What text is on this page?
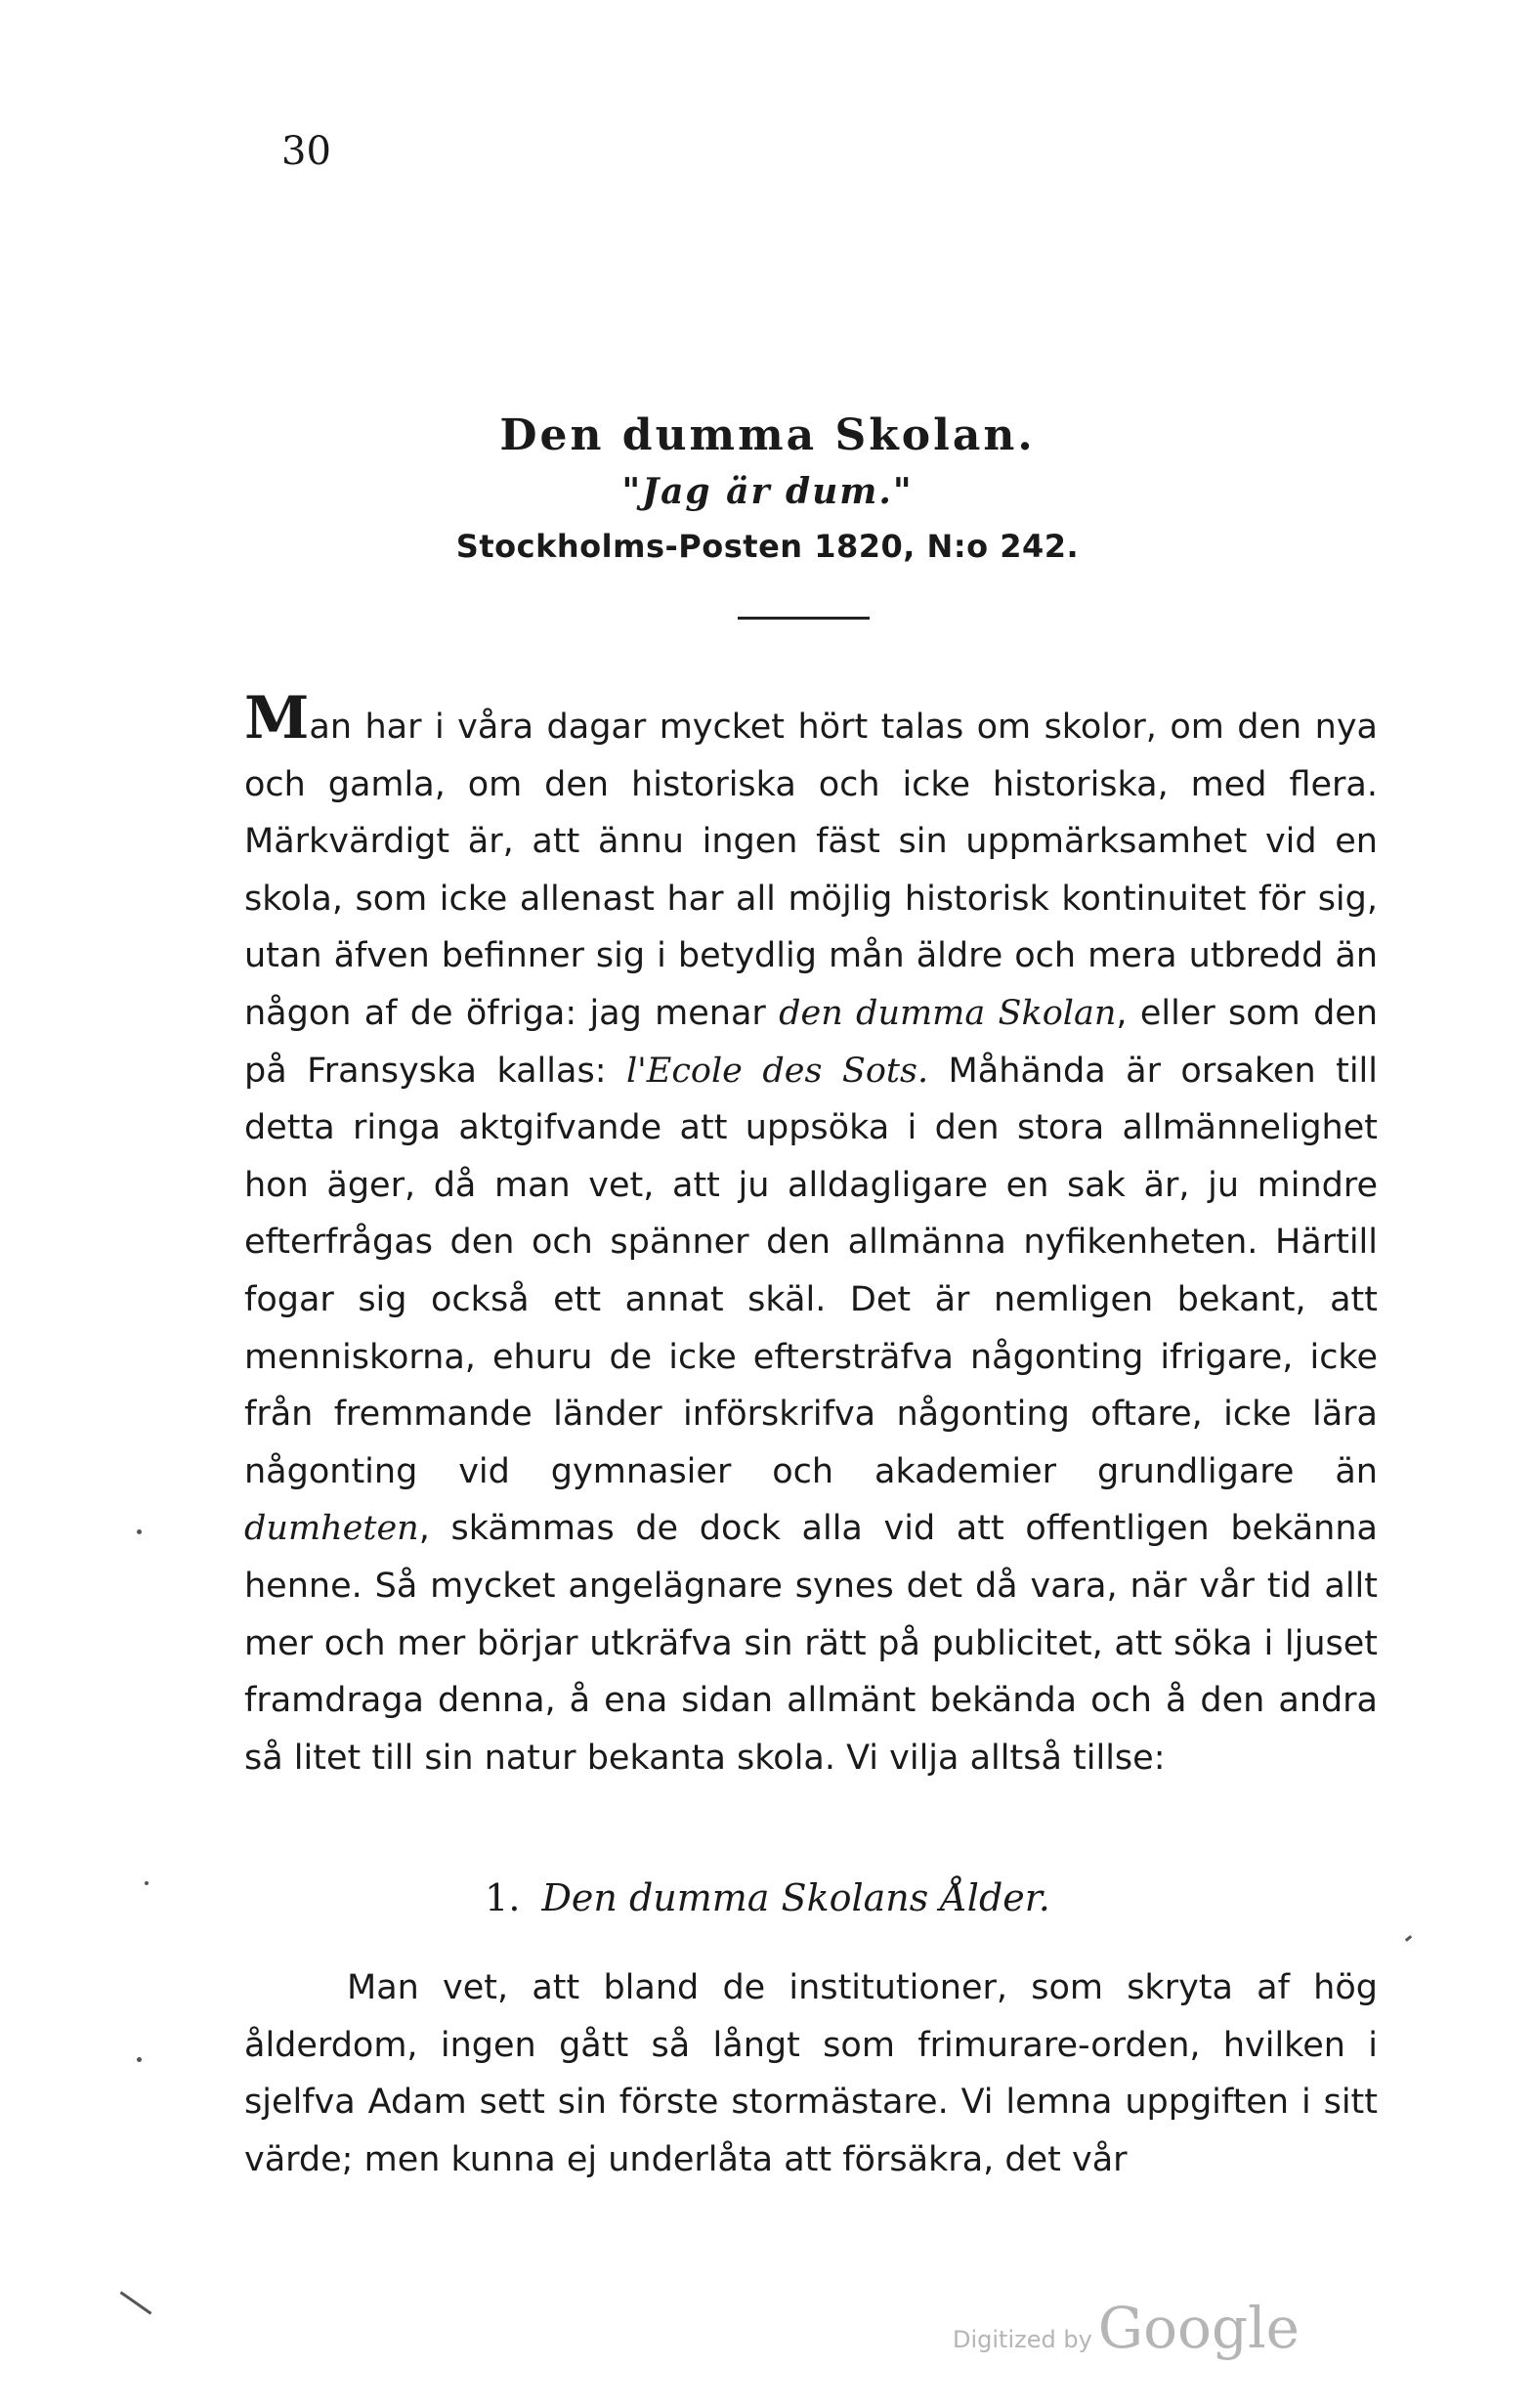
30
Den dumma Skolan.
"Jag är dum."
Stockholms-Posten 1820, N:o 242.

Man har i våra dagar mycket hört talas om skolor, om den nya och gamla, om den historiska och icke historiska, med flera. Märkvärdigt är, att ännu ingen fäst sin uppmärksamhet vid en skola, som icke allenast har all möjlig historisk kontinuitet för sig, utan äfven befinner sig i betydlig mån äldre och mera utbredd än någon af de öfriga: jag menar den dumma Skolan, eller som den på Fransyska kallas: l'Ecole des Sots. Måhända är orsaken till detta ringa aktgifvande att uppsöka i den stora allmännelighet hon äger, då man vet, att ju alldagligare en sak är, ju mindre efterfrågas den och spänner den allmänna nyfikenheten. Härtill fogar sig också ett annat skäl. Det är nemligen bekant, att menniskorna, ehuru de icke eftersträfva någonting ifrigare, icke från fremmande länder införskrifva någonting oftare, icke lära någonting vid gymnasier och akademier grundligare än dumheten, skämmas de dock alla vid att offentligen bekänna henne. Så mycket angelägnare synes det då vara, när vår tid allt mer och mer börjar utkräfva sin rätt på publicitet, att söka i ljuset framdraga denna, å ena sidan allmänt bekända och å den andra så litet till sin natur bekanta skola. Vi vilja alltså tillse:

1. Den dumma Skolans Ålder.

Man vet, att bland de institutioner, som skryta af hög ålderdom, ingen gått så långt som frimurare-orden, hvilken i sjelfva Adam sett sin förste stormästare. Vi lemna uppgiften i sitt värde; men kunna ej underlåta att försäkra, det vår

Digitized by Google
